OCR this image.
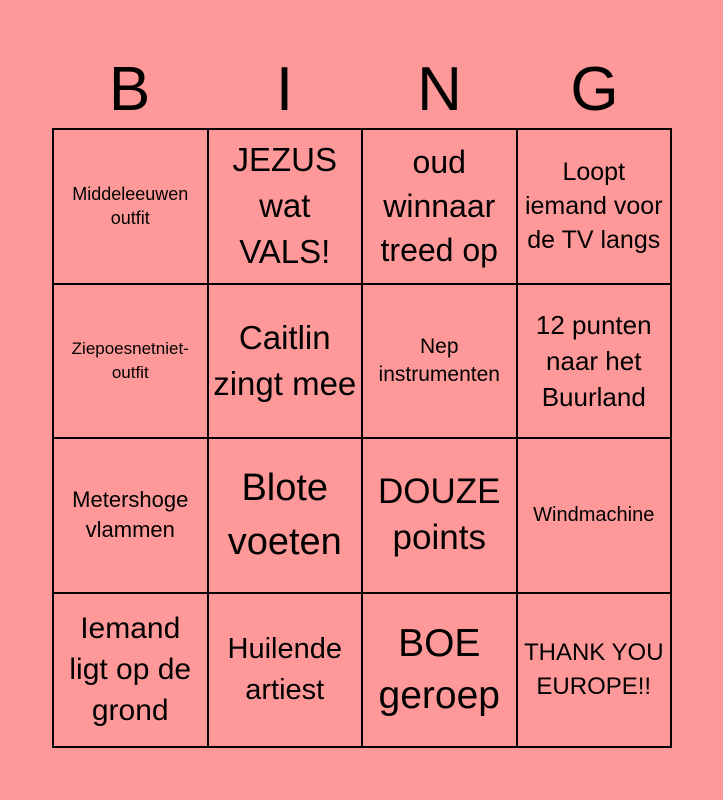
B	I	N	G
Middeleeuwen outfit
JEZUS wat VALS!
oud winnaar treed op
Loopt iemand voor de TV langs
Ziepoesnetniet-outfit
Caitlin zingt mee
Nep instrumenten
12 punten naar het Buurland
Metershoge vlammen
Blote voeten
DOUZE points
Windmachine
Iemand ligt op de grond
Huilende artiest
BOE geroep
THANK YOU EUROPE!!
